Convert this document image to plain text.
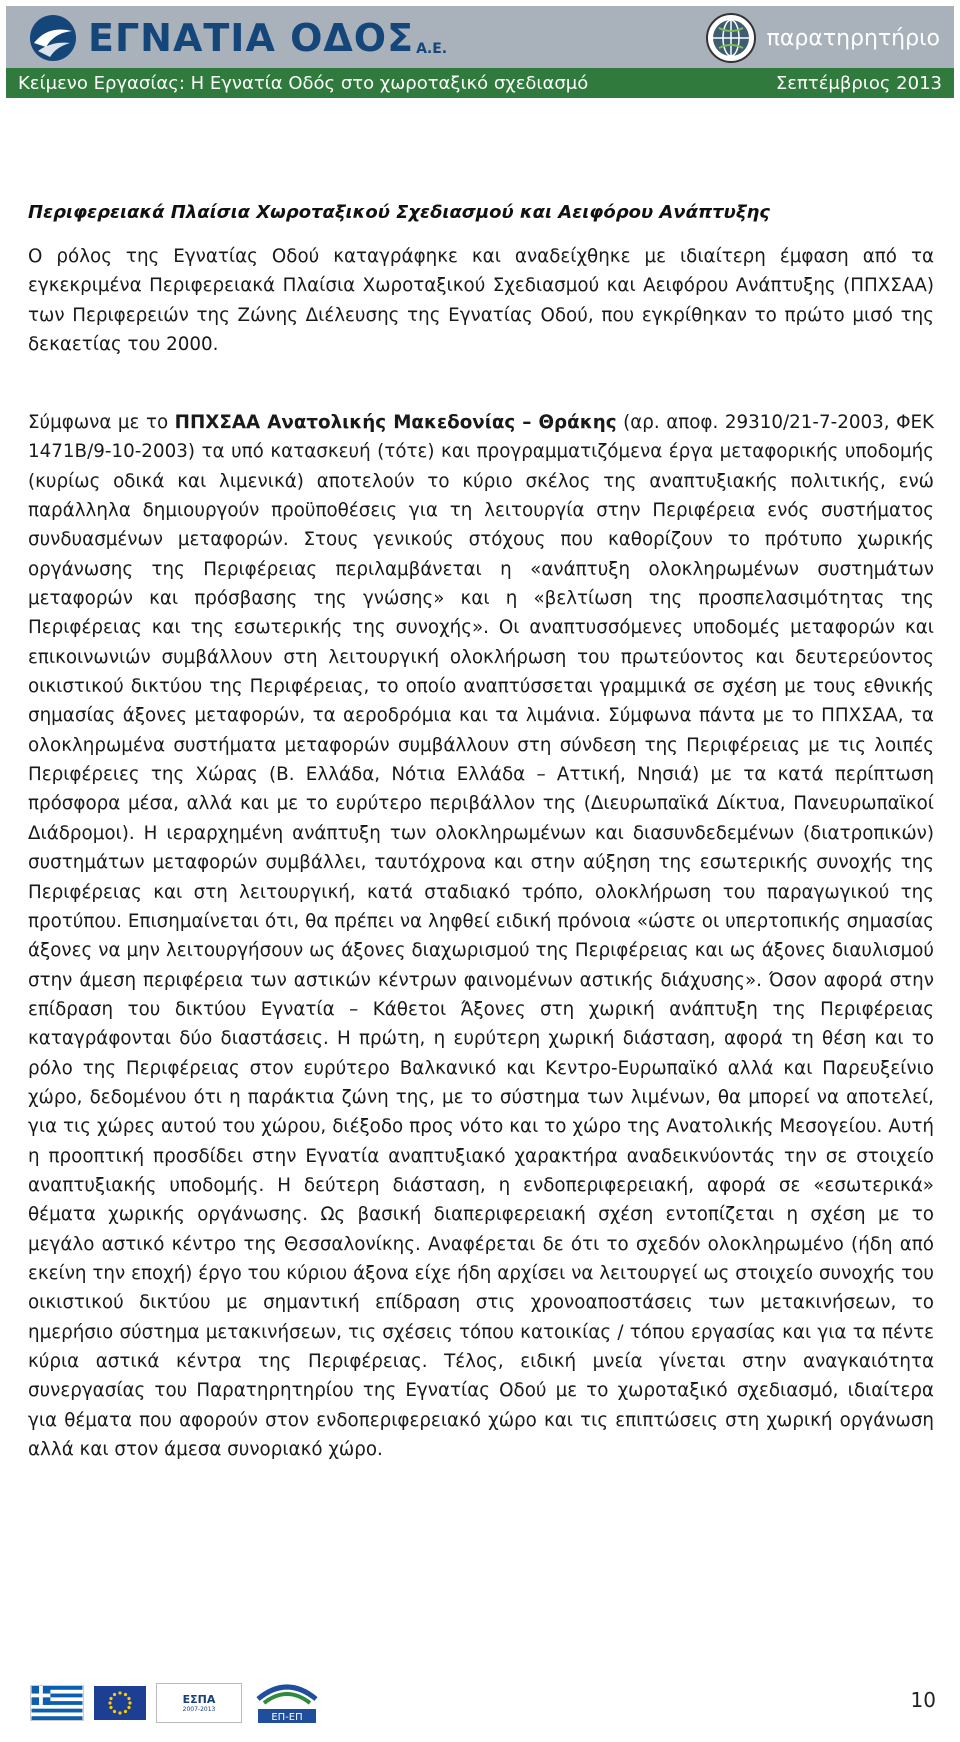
ΕΓΝΑΤΙΑ ΟΔΟΣ Α.Ε.	παρατηρητήριο
Κείμενο Εργασίας: Η Εγνατία Οδός στο χωροταξικό σχεδιασμό	Σεπτέμβριος 2013
Περιφερειακά Πλαίσια Χωροταξικού Σχεδιασμού και Αειφόρου Ανάπτυξης

Ο ρόλος της Εγνατίας Οδού καταγράφηκε και αναδείχθηκε με ιδιαίτερη έμφαση από τα εγκεκριμένα Περιφερειακά Πλαίσια Χωροταξικού Σχεδιασμού και Αειφόρου Ανάπτυξης (ΠΠΧΣΑΑ) των Περιφερειών της Ζώνης Διέλευσης της Εγνατίας Οδού, που εγκρίθηκαν το πρώτο μισό της δεκαετίας του 2000.

Σύμφωνα με το ΠΠΧΣΑΑ Ανατολικής Μακεδονίας – Θράκης (αρ. αποφ. 29310/21-7-2003, ΦΕΚ 1471Β/9-10-2003) τα υπό κατασκευή (τότε) και προγραμματιζόμενα έργα μεταφορικής υποδομής (κυρίως οδικά και λιμενικά) αποτελούν το κύριο σκέλος της αναπτυξιακής πολιτικής, ενώ παράλληλα δημιουργούν προϋποθέσεις για τη λειτουργία στην Περιφέρεια ενός συστήματος συνδυασμένων μεταφορών. Στους γενικούς στόχους που καθορίζουν το πρότυπο χωρικής οργάνωσης της Περιφέρειας περιλαμβάνεται η «ανάπτυξη ολοκληρωμένων συστημάτων μεταφορών και πρόσβασης της γνώσης» και η «βελτίωση της προσπελασιμότητας της Περιφέρειας και της εσωτερικής της συνοχής». Οι αναπτυσσόμενες υποδομές μεταφορών και επικοινωνιών συμβάλλουν στη λειτουργική ολοκλήρωση του πρωτεύοντος και δευτερεύοντος οικιστικού δικτύου της Περιφέρειας, το οποίο αναπτύσσεται γραμμικά σε σχέση με τους εθνικής σημασίας άξονες μεταφορών, τα αεροδρόμια και τα λιμάνια. Σύμφωνα πάντα με το ΠΠΧΣΑΑ, τα ολοκληρωμένα συστήματα μεταφορών συμβάλλουν στη σύνδεση της Περιφέρειας με τις λοιπές Περιφέρειες της Χώρας (Β. Ελλάδα, Νότια Ελλάδα – Αττική, Νησιά) με τα κατά περίπτωση πρόσφορα μέσα, αλλά και με το ευρύτερο περιβάλλον της (Διευρωπαϊκά Δίκτυα, Πανευρωπαϊκοί Διάδρομοι). Η ιεραρχημένη ανάπτυξη των ολοκληρωμένων και διασυνδεδεμένων (διατροπικών) συστημάτων μεταφορών συμβάλλει, ταυτόχρονα και στην αύξηση της εσωτερικής συνοχής της Περιφέρειας και στη λειτουργική, κατά σταδιακό τρόπο, ολοκλήρωση του παραγωγικού της προτύπου. Επισημαίνεται ότι, θα πρέπει να ληφθεί ειδική πρόνοια «ώστε οι υπερτοπικής σημασίας άξονες να μην λειτουργήσουν ως άξονες διαχωρισμού της Περιφέρειας και ως άξονες διαυλισμού στην άμεση περιφέρεια των αστικών κέντρων φαινομένων αστικής διάχυσης». Όσον αφορά στην επίδραση του δικτύου Εγνατία – Κάθετοι Άξονες στη χωρική ανάπτυξη της Περιφέρειας καταγράφονται δύο διαστάσεις. Η πρώτη, η ευρύτερη χωρική διάσταση, αφορά τη θέση και το ρόλο της Περιφέρειας στον ευρύτερο Βαλκανικό και Κεντρο-Ευρωπαϊκό αλλά και Παρευξείνιο χώρο, δεδομένου ότι η παράκτια ζώνη της, με το σύστημα των λιμένων, θα μπορεί να αποτελεί, για τις χώρες αυτού του χώρου, διέξοδο προς νότο και το χώρο της Ανατολικής Μεσογείου. Αυτή η προοπτική προσδίδει στην Εγνατία αναπτυξιακό χαρακτήρα αναδεικνύοντάς την σε στοιχείο αναπτυξιακής υποδομής. Η δεύτερη διάσταση, η ενδοπεριφερειακή, αφορά σε «εσωτερικά» θέματα χωρικής οργάνωσης. Ως βασική διαπεριφερειακή σχέση εντοπίζεται η σχέση με το μεγάλο αστικό κέντρο της Θεσσαλονίκης. Αναφέρεται δε ότι το σχεδόν ολοκληρωμένο (ήδη από εκείνη την εποχή) έργο του κύριου άξονα είχε ήδη αρχίσει να λειτουργεί ως στοιχείο συνοχής του οικιστικού δικτύου με σημαντική επίδραση στις χρονοαποστάσεις των μετακινήσεων, το ημερήσιο σύστημα μετακινήσεων, τις σχέσεις τόπου κατοικίας / τόπου εργασίας και για τα πέντε κύρια αστικά κέντρα της Περιφέρειας. Τέλος, ειδική μνεία γίνεται στην αναγκαιότητα συνεργασίας του Παρατηρητηρίου της Εγνατίας Οδού με το χωροταξικό σχεδιασμό, ιδιαίτερα για θέματα που αφορούν στον ενδοπεριφερειακό χώρο και τις επιπτώσεις στη χωρική οργάνωση αλλά και στον άμεσα συνοριακό χώρο.

ΕΣΠΑ
2007-2013
ΕΠ-ΕΠ
10
